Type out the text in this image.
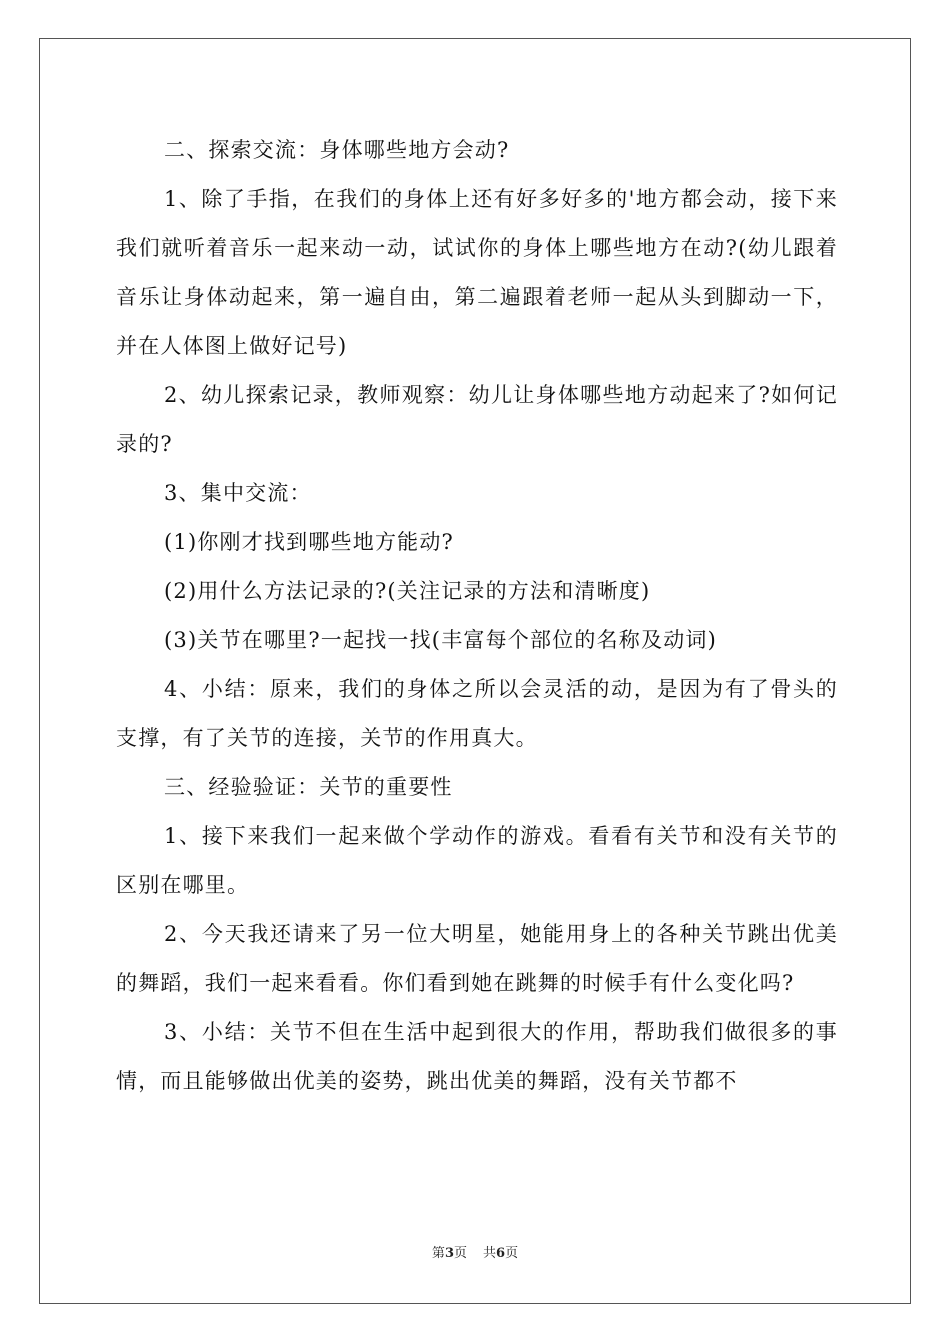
二、探索交流：身体哪些地方会动?

1、除了手指，在我们的身体上还有好多好多的'地方都会动，接下来我们就听着音乐一起来动一动，试试你的身体上哪些地方在动?(幼儿跟着音乐让身体动起来，第一遍自由，第二遍跟着老师一起从头到脚动一下，并在人体图上做好记号)

2、幼儿探索记录，教师观察：幼儿让身体哪些地方动起来了?如何记录的?

3、集中交流：

(1)你刚才找到哪些地方能动?

(2)用什么方法记录的?(关注记录的方法和清晰度)

(3)关节在哪里?一起找一找(丰富每个部位的名称及动词)

4、小结：原来，我们的身体之所以会灵活的动，是因为有了骨头的支撑，有了关节的连接，关节的作用真大。

三、经验验证：关节的重要性

1、接下来我们一起来做个学动作的游戏。看看有关节和没有关节的区别在哪里。

2、今天我还请来了另一位大明星，她能用身上的各种关节跳出优美的舞蹈，我们一起来看看。你们看到她在跳舞的时候手有什么变化吗?

3、小结：关节不但在生活中起到很大的作用，帮助我们做很多的事情，而且能够做出优美的姿势，跳出优美的舞蹈，没有关节都不

第3页 共6页
